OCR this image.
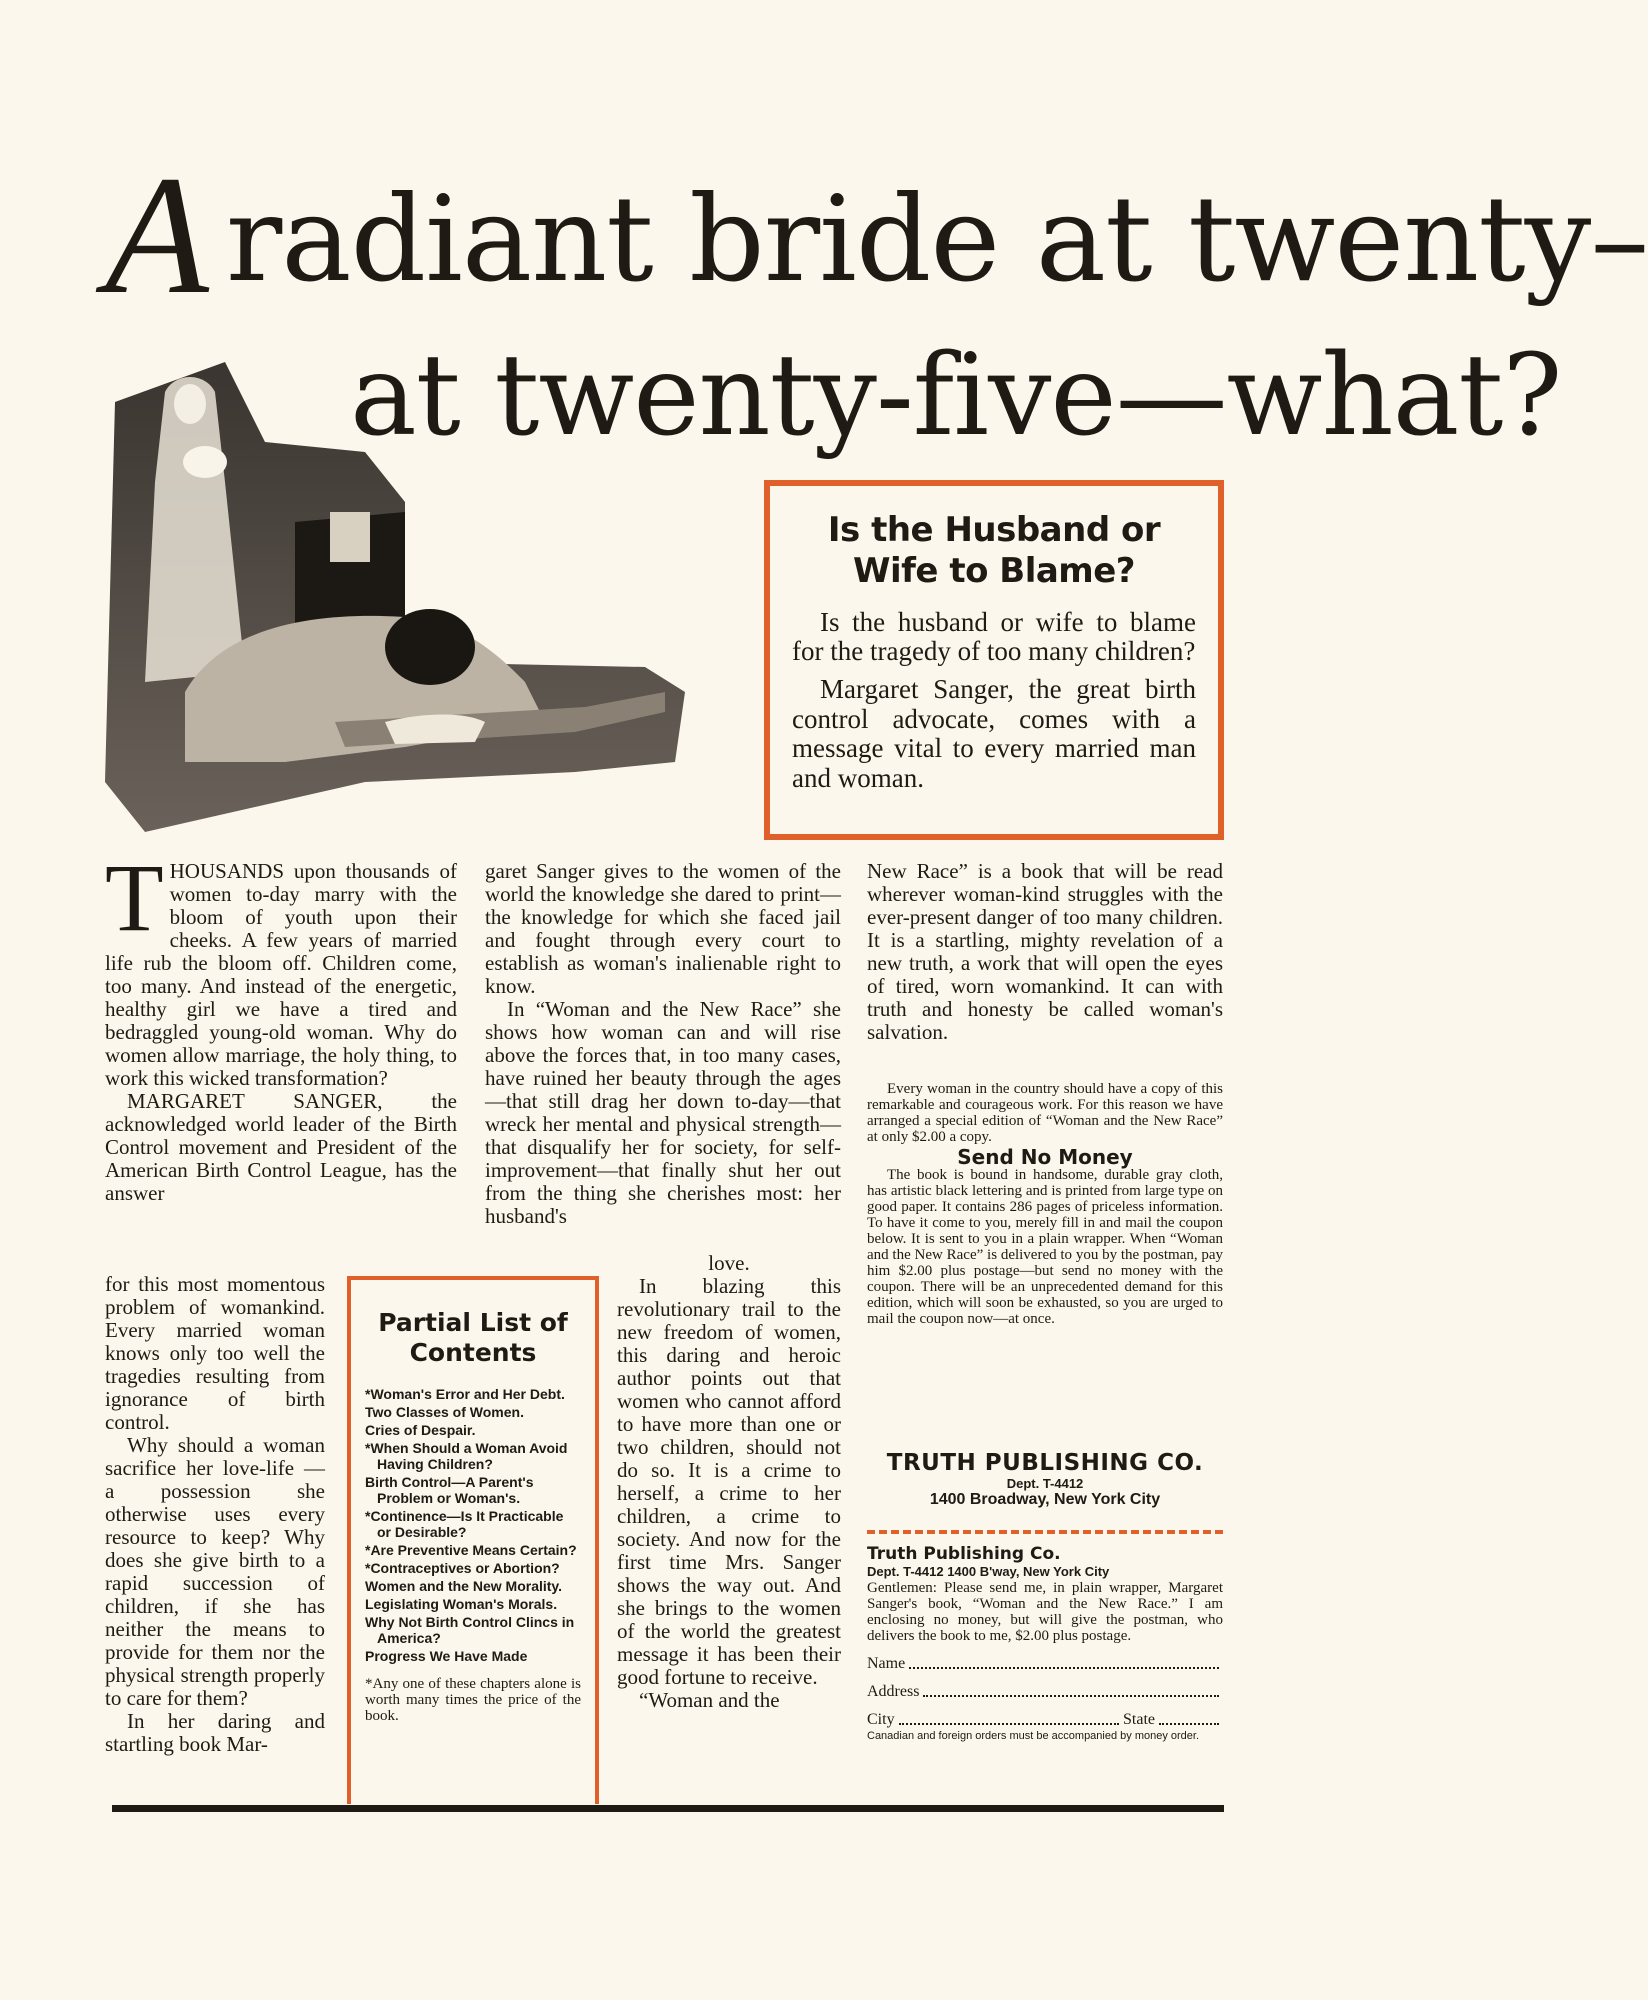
A radiant bride at twenty–
at twenty-five—what?
Is the Husband or Wife to Blame?

Is the husband or wife to blame for the tragedy of too many children?

Margaret Sanger, the great birth control advocate, comes with a message vital to every married man and woman.

THOUSANDS upon thousands of women to-day marry with the bloom of youth upon their cheeks. A few years of married life rub the bloom off. Children come, too many. And instead of the energetic, healthy girl we have a tired and bedraggled young-old woman. Why do women allow marriage, the holy thing, to work this wicked transformation?

MARGARET SANGER, the acknowledged world leader of the Birth Control movement and President of the American Birth Control League, has the answer

for this most momentous problem of womankind. Every married woman knows only too well the tragedies resulting from ignorance of birth control.

Why should a woman sacrifice her love-life — a possession she otherwise uses every resource to keep? Why does she give birth to a rapid succession of children, if she has neither the means to provide for them nor the physical strength properly to care for them?

In her daring and startling book Mar-

garet Sanger gives to the women of the world the knowledge she dared to print—the knowledge for which she faced jail and fought through every court to establish as woman's inalienable right to know.

In “Woman and the New Race” she shows how woman can and will rise above the forces that, in too many cases, have ruined her beauty through the ages—that still drag her down to-day—that wreck her mental and physical strength—that disqualify her for society, for self-improvement—that finally shut her out from the thing she cherishes most: her husband's

love.

In blazing this revolutionary trail to the new freedom of women, this daring and heroic author points out that women who cannot afford to have more than one or two children, should not do so. It is a crime to herself, a crime to her children, a crime to society. And now for the first time Mrs. Sanger shows the way out. And she brings to the women of the world the greatest message it has been their good fortune to receive.

“Woman and the

Partial List of Contents
*Woman's Error and Her Debt.
Two Classes of Women.
Cries of Despair.
*When Should a Woman Avoid Having Children?
Birth Control—A Parent's Problem or Woman's.
*Continence—Is It Practicable or Desirable?
*Are Preventive Means Certain?
*Contraceptives or Abortion?
Women and the New Morality.
Legislating Woman's Morals.
Why Not Birth Control Clincs in America?
Progress We Have Made
*Any one of these chapters alone is worth many times the price of the book.

New Race” is a book that will be read wherever woman-kind struggles with the ever-present danger of too many children. It is a startling, mighty revelation of a new truth, a work that will open the eyes of tired, worn womankind. It can with truth and honesty be called woman's salvation.

Every woman in the country should have a copy of this remarkable and courageous work. For this reason we have arranged a special edition of “Woman and the New Race” at only $2.00 a copy.

Send No Money

The book is bound in handsome, durable gray cloth, has artistic black lettering and is printed from large type on good paper. It contains 286 pages of priceless information. To have it come to you, merely fill in and mail the coupon below. It is sent to you in a plain wrapper. When “Woman and the New Race” is delivered to you by the postman, pay him $2.00 plus postage—but send no money with the coupon. There will be an unprecedented demand for this edition, which will soon be exhausted, so you are urged to mail the coupon now—at once.

TRUTH PUBLISHING CO.
Dept. T-4412
1400 Broadway, New York City
Truth Publishing Co.
Dept. T-4412 1400 B'way, New York City
Gentlemen: Please send me, in plain wrapper, Margaret Sanger's book, “Woman and the New Race.” I am enclosing no money, but will give the postman, who delivers the book to me, $2.00 plus postage.
Name
Address
City	State
Canadian and foreign orders must be accompanied by money order.
